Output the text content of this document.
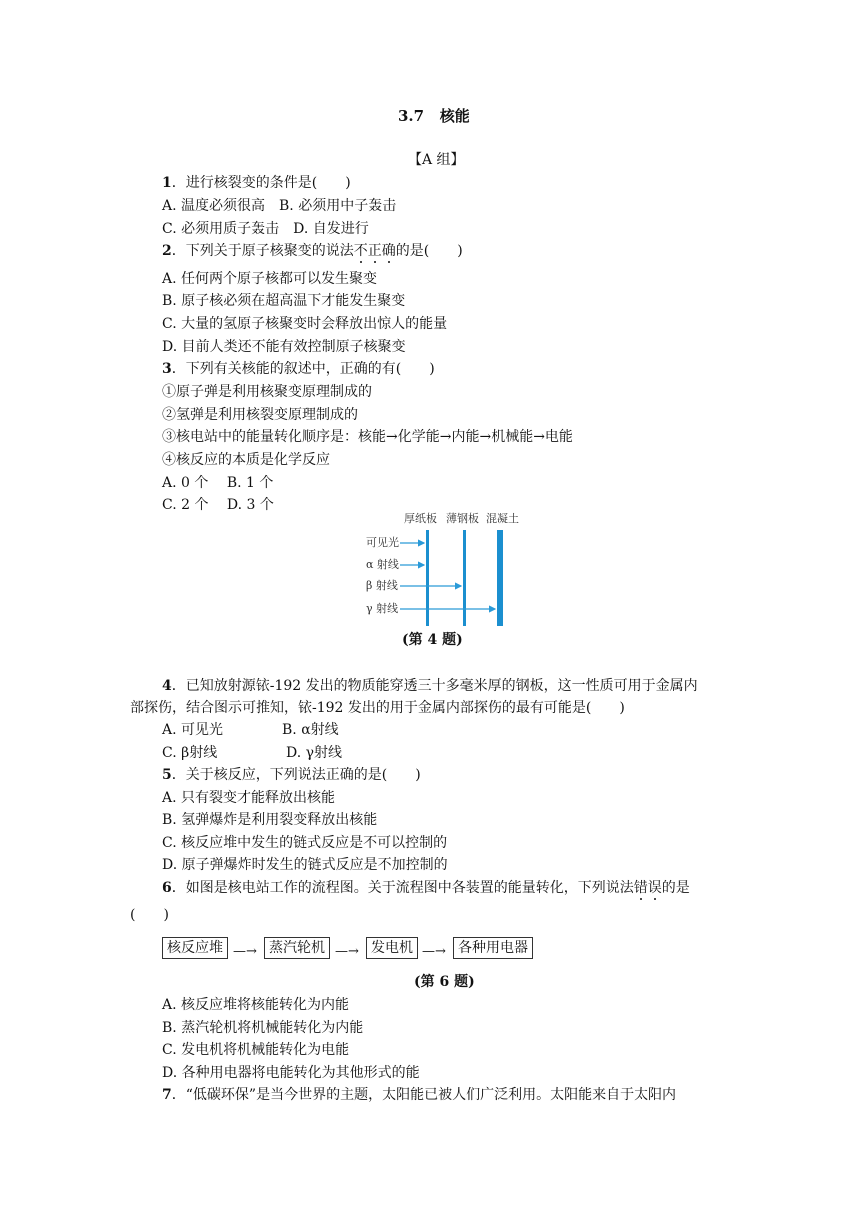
3.7 核能
【A 组】
1．进行核裂变的条件是(　　)
A. 温度必须很高　B. 必须用中子轰击
C. 必须用质子轰击　D. 自发进行
2．下列关于原子核聚变的说法不正确的是(　　)
A. 任何两个原子核都可以发生聚变
B. 原子核必须在超高温下才能发生聚变
C. 大量的氢原子核聚变时会释放出惊人的能量
D. 目前人类还不能有效控制原子核聚变
3．下列有关核能的叙述中，正确的有(　　)
①原子弹是利用核聚变原理制成的
②氢弹是利用核裂变原理制成的
③核电站中的能量转化顺序是：核能→化学能→内能→机械能→电能
④核反应的本质是化学反应
A. 0 个　 B. 1 个
C. 2 个　 D. 3 个
厚纸板 薄钢板 混凝土
可见光
α 射线
β 射线
γ 射线
(第 4 题)
4．已知放射源铱-192 发出的物质能穿透三十多毫米厚的钢板，这一性质可用于金属内
部探伤，结合图示可推知，铱-192 发出的用于金属内部探伤的最有可能是(　　)
A. 可见光	B. α射线
C. β射线	D. γ射线
5．关于核反应，下列说法正确的是(　　)
A. 只有裂变才能释放出核能
B. 氢弹爆炸是利用裂变释放出核能
C. 核反应堆中发生的链式反应是不可以控制的
D. 原子弹爆炸时发生的链式反应是不加控制的
6．如图是核电站工作的流程图。关于流程图中各装置的能量转化，下列说法错误的是
(　　)
核反应堆 —→ 蒸汽轮机 —→ 发电机 —→ 各种用电器
(第 6 题)
A. 核反应堆将核能转化为内能
B. 蒸汽轮机将机械能转化为内能
C. 发电机将机械能转化为电能
D. 各种用电器将电能转化为其他形式的能
7．“低碳环保”是当今世界的主题，太阳能已被人们广泛利用。太阳能来自于太阳内
